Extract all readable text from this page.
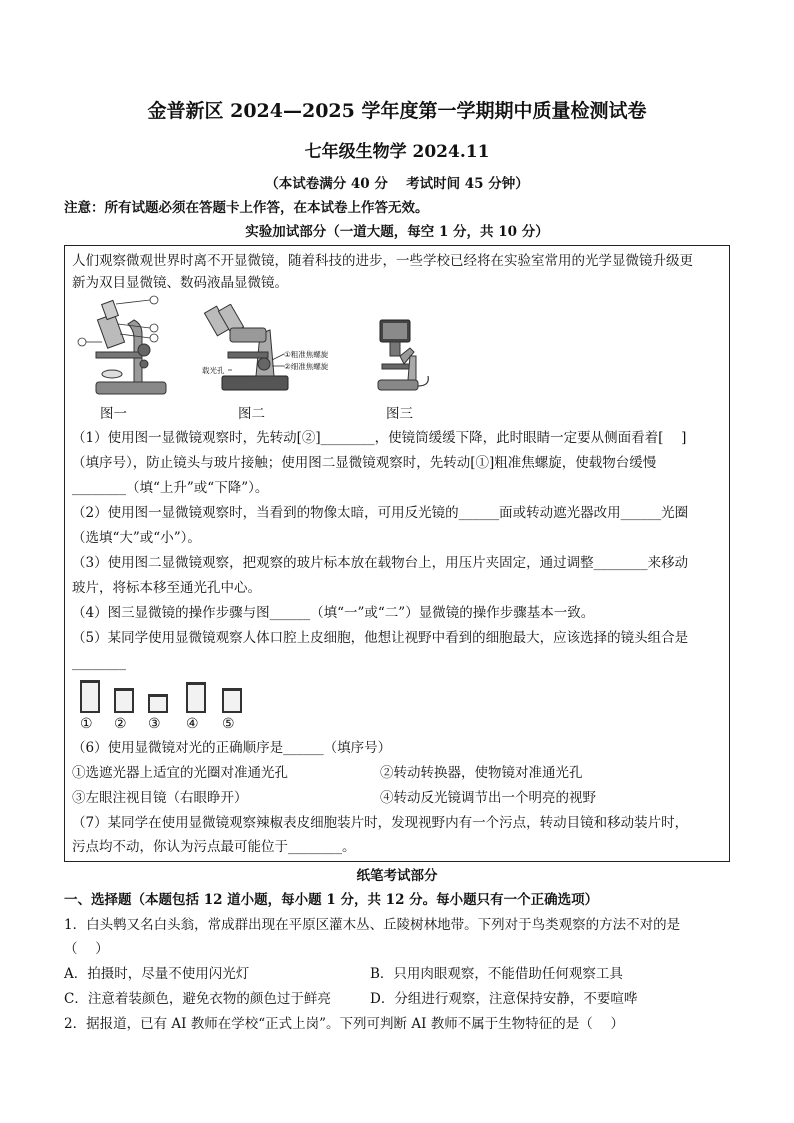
金普新区 2024—2025 学年度第一学期期中质量检测试卷
七年级生物学 2024.11
（本试卷满分 40 分　 考试时间 45 分钟）
注意：所有试题必须在答题卡上作答，在本试卷上作答无效。
实验加试部分（一道大题，每空 1 分，共 10 分）
人们观察微观世界时离不开显微镜，随着科技的进步，一些学校已经将在实验室常用的光学显微镜升级更
新为双目显微镜、数码液晶显微镜。
①粗准焦螺旋
②细准焦螺旋
载光孔
图一	图二	图三
（1）使用图一显微镜观察时，先转动[②]________，使镜筒缓缓下降，此时眼睛一定要从侧面看着[　 ]
（填序号），防止镜头与玻片接触；使用图二显微镜观察时，先转动[①]粗准焦螺旋，使载物台缓慢
________（填“上升”或“下降”）。
（2）使用图一显微镜观察时，当看到的物像太暗，可用反光镜的______面或转动遮光器改用______光圈
（选填“大”或“小”）。
（3）使用图二显微镜观察，把观察的玻片标本放在载物台上，用压片夹固定，通过调整________来移动
玻片，将标本移至通光孔中心。
（4）图三显微镜的操作步骤与图______（填“一”或“二”）显微镜的操作步骤基本一致。
（5）某同学使用显微镜观察人体口腔上皮细胞，他想让视野中看到的细胞最大，应该选择的镜头组合是
________
① ② ③ ④ ⑤
（6）使用显微镜对光的正确顺序是______（填序号）
①选遮光器上适宜的光圈对准通光孔	②转动转换器，使物镜对准通光孔
③左眼注视目镜（右眼睁开）	④转动反光镜调节出一个明亮的视野
（7）某同学在使用显微镜观察辣椒表皮细胞装片时，发现视野内有一个污点，转动目镜和移动装片时，
污点均不动，你认为污点最可能位于________。
纸笔考试部分
一、选择题（本题包括 12 道小题，每小题 1 分，共 12 分。每小题只有一个正确选项）
1．白头鹎又名白头翁，常成群出现在平原区灌木丛、丘陵树林地带。下列对于鸟类观察的方法不对的是
（　 ）
A．拍摄时，尽量不使用闪光灯	B．只用肉眼观察，不能借助任何观察工具
C．注意着装颜色，避免衣物的颜色过于鲜亮	D．分组进行观察，注意保持安静，不要喧哗
2．据报道，已有 AI 教师在学校“正式上岗”。下列可判断 AI 教师不属于生物特征的是（　 ）
